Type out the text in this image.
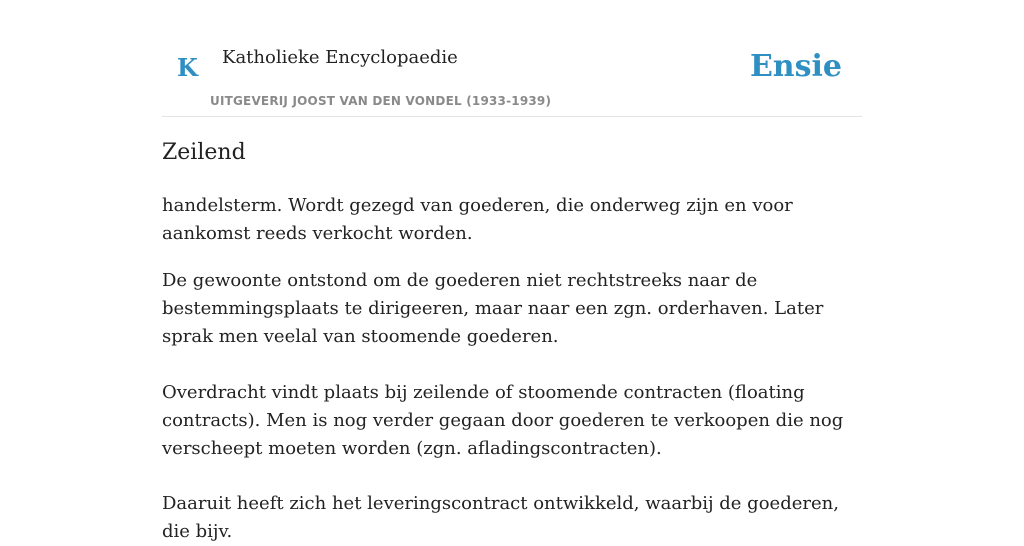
K Katholieke Encyclopaedie	Ensie
UITGEVERIJ JOOST VAN DEN VONDEL (1933-1939)
Zeilend

handelsterm. Wordt gezegd van goederen, die onderweg zijn en voor aankomst reeds verkocht worden.

De gewoonte ontstond om de goederen niet rechtstreeks naar de bestemmingsplaats te dirigeeren, maar naar een zgn. orderhaven. Later sprak men veelal van stoomende goederen.

Overdracht vindt plaats bij zeilende of stoomende contracten (floating contracts). Men is nog verder gegaan door goederen te verkoopen die nog verscheept moeten worden (zgn. afladingscontracten).

Daaruit heeft zich het leveringscontract ontwikkeld, waarbij de goederen, die bijv.
